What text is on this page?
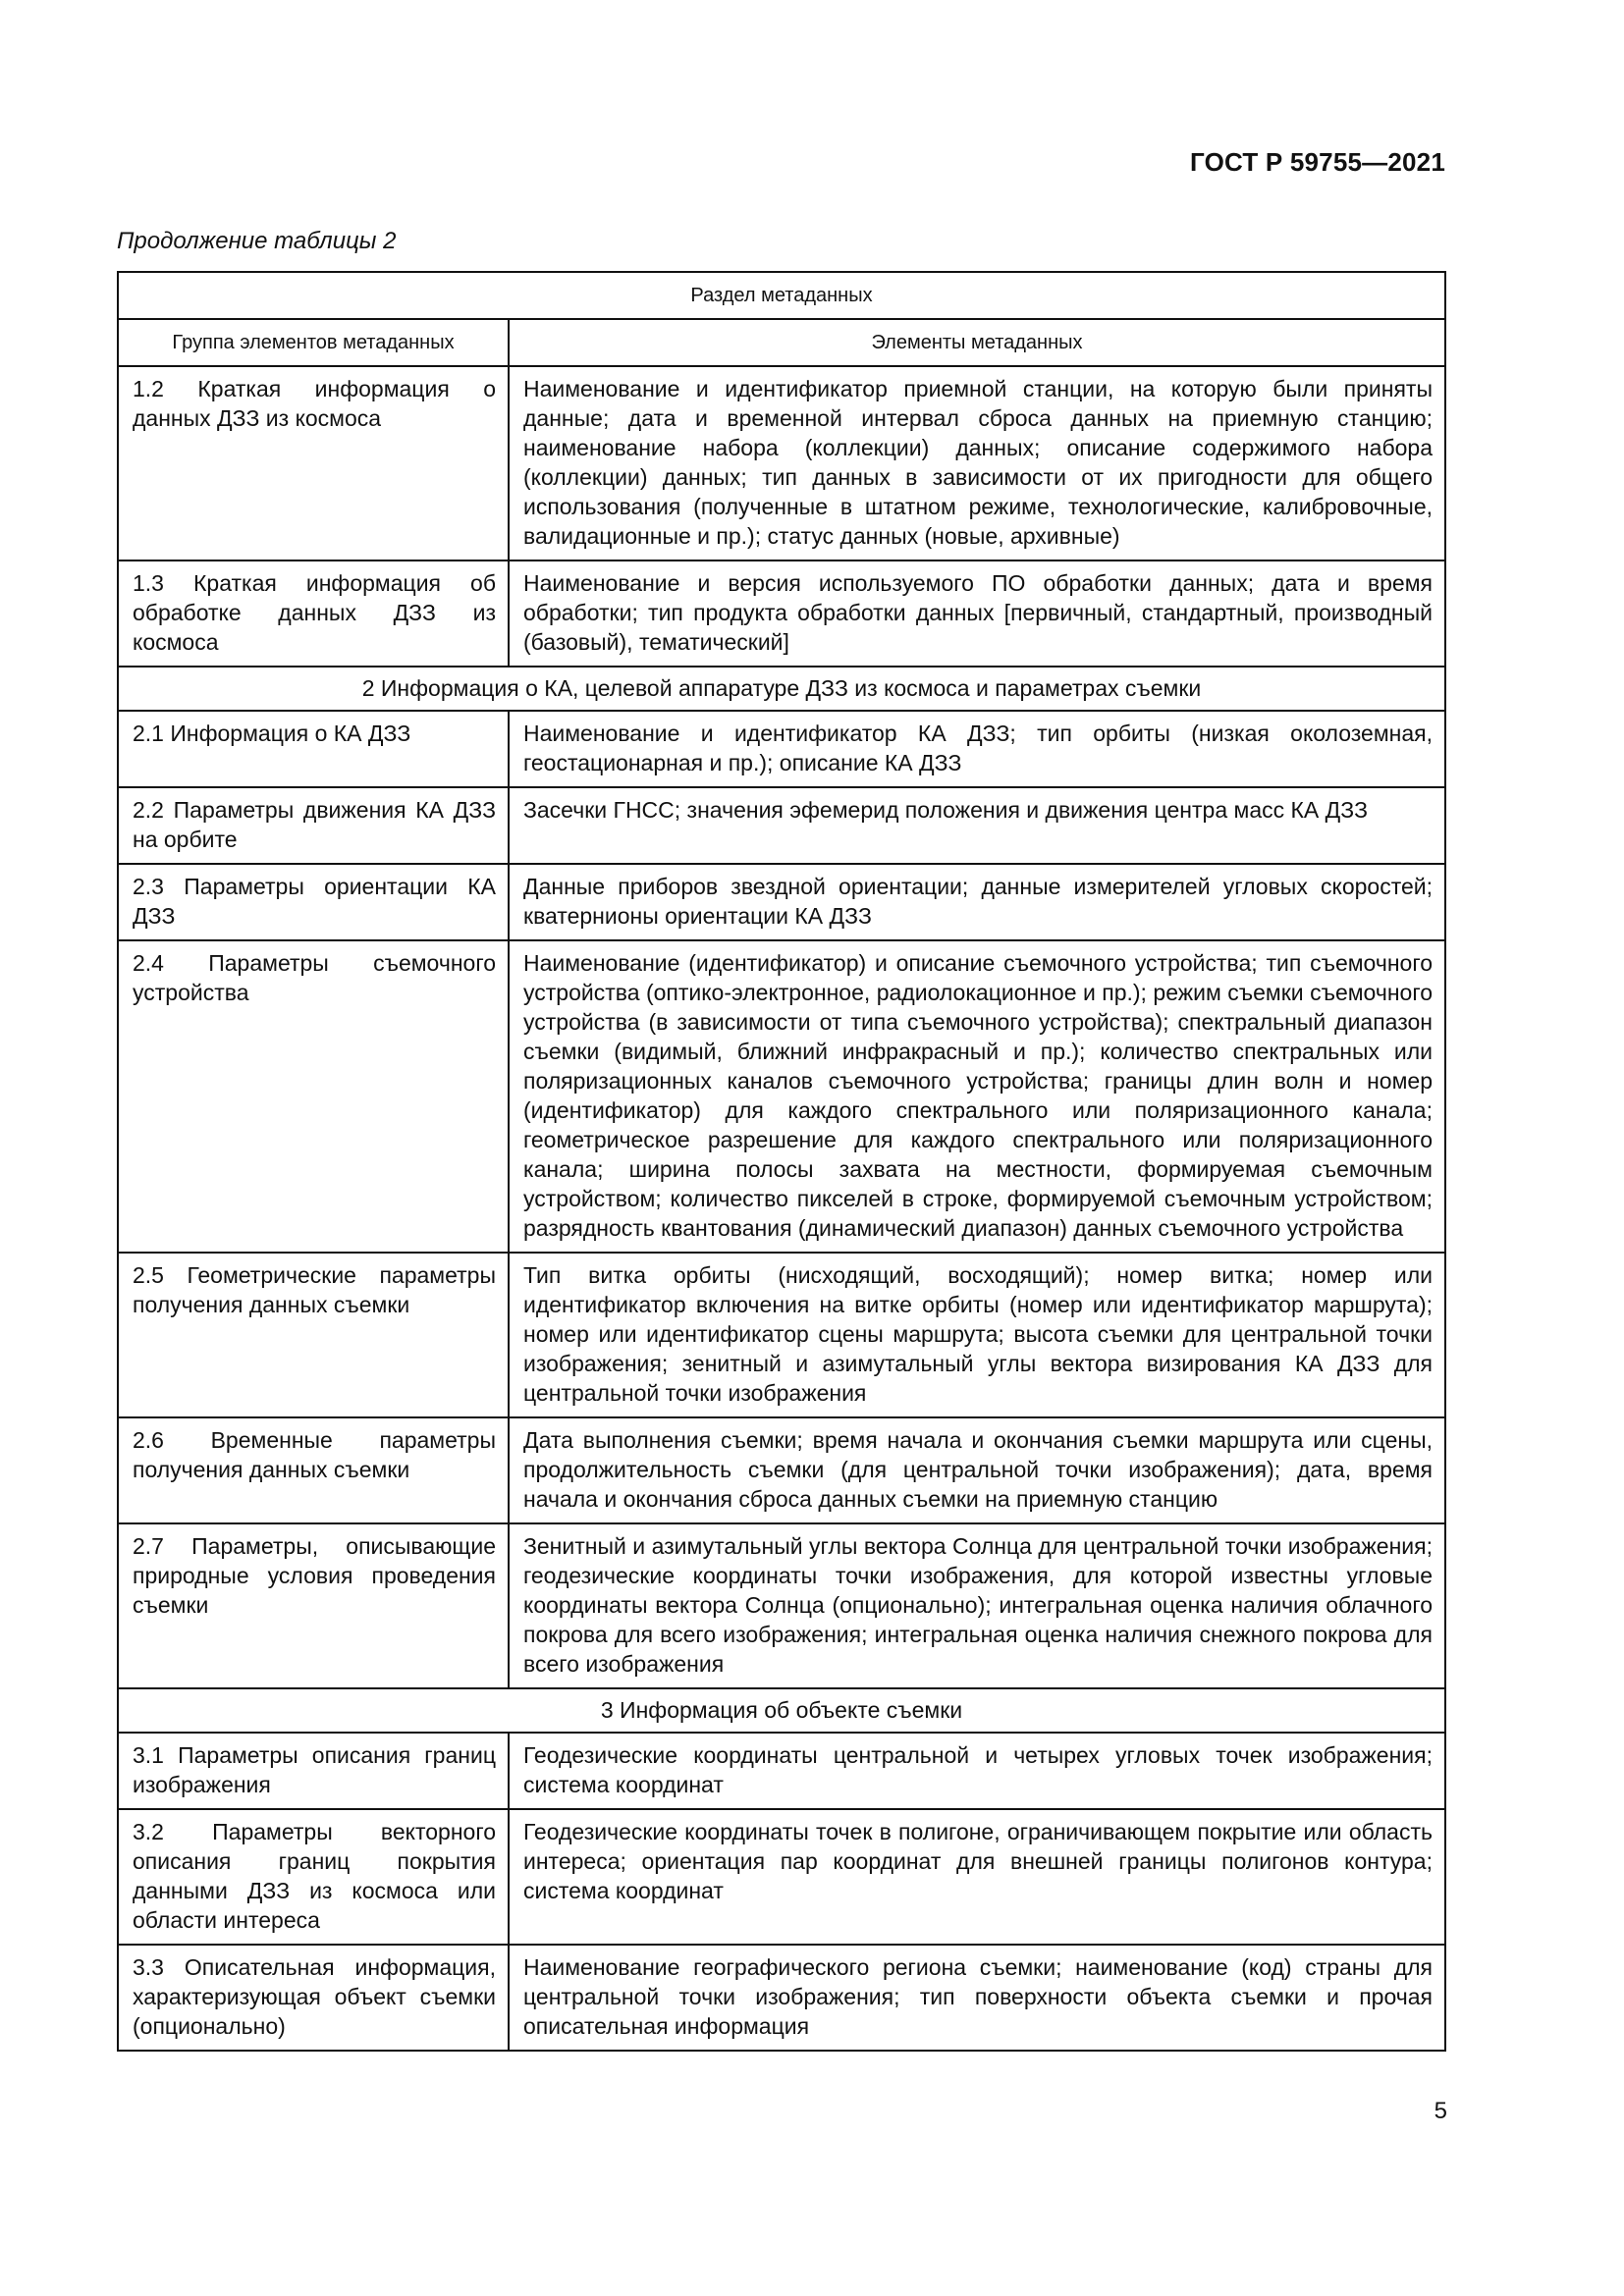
ГОСТ Р 59755—2021
Продолжение таблицы 2
Раздел метаданных	
Группа элементов метаданных	Элементы метаданных
1.2 Краткая информация о данных ДЗЗ из космоса	Наименование и идентификатор приемной станции, на которую были приняты данные; дата и временной интервал сброса данных на приемную станцию; наименование набора (коллекции) данных; описание содержимого набора (коллекции) данных; тип данных в зависимости от их пригодности для общего использования (полученные в штатном режиме, технологические, калибровочные, валидационные и пр.); статус данных (новые, архивные)
1.3 Краткая информация об обработке данных ДЗЗ из космоса	Наименование и версия используемого ПО обработки данных; дата и время обработки; тип продукта обработки данных [первичный, стандартный, производный (базовый), тематический]
2 Информация о КА, целевой аппаратуре ДЗЗ из космоса и параметрах съемки	
2.1 Информация о КА ДЗЗ	Наименование и идентификатор КА ДЗЗ; тип орбиты (низкая околоземная, геостационарная и пр.); описание КА ДЗЗ
2.2 Параметры движения КА ДЗЗ на орбите	Засечки ГНСС; значения эфемерид положения и движения центра масс КА ДЗЗ
2.3 Параметры ориентации КА ДЗЗ	Данные приборов звездной ориентации; данные измерителей угловых скоростей; кватернионы ориентации КА ДЗЗ
2.4 Параметры съемочного устройства	Наименование (идентификатор) и описание съемочного устройства; тип съемочного устройства (оптико-электронное, радиолокационное и пр.); режим съемки съемочного устройства (в зависимости от типа съемочного устройства); спектральный диапазон съемки (видимый, ближний инфракрасный и пр.); количество спектральных или поляризационных каналов съемочного устройства; границы длин волн и номер (идентификатор) для каждого спектрального или поляризационного канала; геометрическое разрешение для каждого спектрального или поляризационного канала; ширина полосы захвата на местности, формируемая съемочным устройством; количество пикселей в строке, формируемой съемочным устройством; разрядность квантования (динамический диапазон) данных съемочного устройства
2.5 Геометрические параметры получения данных съемки	Тип витка орбиты (нисходящий, восходящий); номер витка; номер или идентификатор включения на витке орбиты (номер или идентификатор маршрута); номер или идентификатор сцены маршрута; высота съемки для центральной точки изображения; зенитный и азимутальный углы вектора визирования КА ДЗЗ для центральной точки изображения
2.6 Временные параметры получения данных съемки	Дата выполнения съемки; время начала и окончания съемки маршрута или сцены, продолжительность съемки (для центральной точки изображения); дата, время начала и окончания сброса данных съемки на приемную станцию
2.7 Параметры, описывающие природные условия проведения съемки	Зенитный и азимутальный углы вектора Солнца для центральной точки изображения; геодезические координаты точки изображения, для которой известны угловые координаты вектора Солнца (опционально); интегральная оценка наличия облачного покрова для всего изображения; интегральная оценка наличия снежного покрова для всего изображения
3 Информация об объекте съемки	
3.1 Параметры описания границ изображения	Геодезические координаты центральной и четырех угловых точек изображения; система координат
3.2 Параметры векторного описания границ покрытия данными ДЗЗ из космоса или области интереса	Геодезические координаты точек в полигоне, ограничивающем покрытие или область интереса; ориентация пар координат для внешней границы полигонов контура; система координат
3.3 Описательная информация, характеризующая объект съемки (опционально)	Наименование географического региона съемки; наименование (код) страны для центральной точки изображения; тип поверхности объекта съемки и прочая описательная информация
5
